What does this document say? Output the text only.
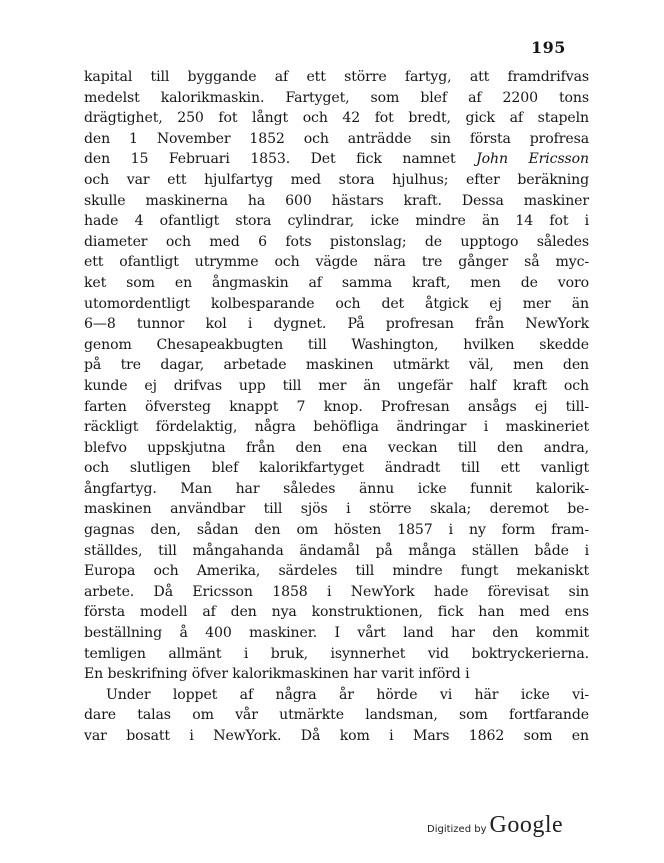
195
kapital till byggande af ett större fartyg, att framdrifvas
medelst kalorikmaskin. Fartyget, som blef af 2200 tons
drägtighet, 250 fot långt och 42 fot bredt, gick af stapeln
den 1 November 1852 och anträdde sin första profresa
den 15 Februari 1853. Det fick namnet John Ericsson
och var ett hjulfartyg med stora hjulhus; efter beräkning
skulle maskinerna ha 600 hästars kraft. Dessa maskiner
hade 4 ofantligt stora cylindrar, icke mindre än 14 fot i
diameter och med 6 fots pistonslag; de upptogo således
ett ofantligt utrymme och vägde nära tre gånger så myc-
ket som en ångmaskin af samma kraft, men de voro
utomordentligt kolbesparande och det åtgick ej mer än
6—8 tunnor kol i dygnet. På profresan från NewYork
genom Chesapeakbugten till Washington, hvilken skedde
på tre dagar, arbetade maskinen utmärkt väl, men den
kunde ej drifvas upp till mer än ungefär half kraft och
farten öfversteg knappt 7 knop. Profresan ansågs ej till-
räckligt fördelaktig, några behöfliga ändringar i maskineriet
blefvo uppskjutna från den ena veckan till den andra,
och slutligen blef kalorikfartyget ändradt till ett vanligt
ångfartyg. Man har således ännu icke funnit kalorik-
maskinen användbar till sjös i större skala; deremot be-
gagnas den, sådan den om hösten 1857 i ny form fram-
ställdes, till mångahanda ändamål på många ställen både i
Europa och Amerika, särdeles till mindre fungt mekaniskt
arbete. Då Ericsson 1858 i NewYork hade förevisat sin
första modell af den nya konstruktionen, fick han med ens
beställning å 400 maskiner. I vårt land har den kommit
temligen allmänt i bruk, isynnerhet vid boktryckerierna.
En beskrifning öfver kalorikmaskinen har varit införd i
Under loppet af några år hörde vi här icke vi-
dare talas om vår utmärkte landsman, som fortfarande
var bosatt i NewYork. Då kom i Mars 1862 som en
Digitized by Google
